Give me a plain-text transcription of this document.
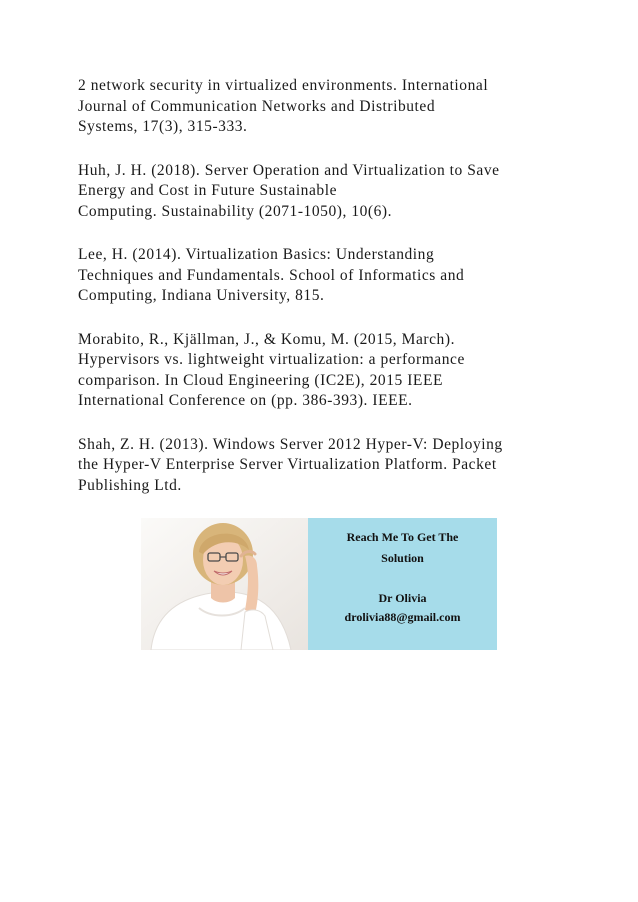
2 network security in virtualized environments. International
Journal of Communication Networks and Distributed
Systems, 17(3), 315-333.

Huh, J. H. (2018). Server Operation and Virtualization to Save
Energy and Cost in Future Sustainable
Computing. Sustainability (2071-1050), 10(6).

Lee, H. (2014). Virtualization Basics: Understanding
Techniques and Fundamentals. School of Informatics and
Computing, Indiana University, 815.

Morabito, R., Kjällman, J., & Komu, M. (2015, March).
Hypervisors vs. lightweight virtualization: a performance
comparison. In Cloud Engineering (IC2E), 2015 IEEE
International Conference on (pp. 386-393). IEEE.

Shah, Z. H. (2013). Windows Server 2012 Hyper-V: Deploying
the Hyper-V Enterprise Server Virtualization Platform. Packet
Publishing Ltd.

Reach Me To Get The
Solution
Dr Olivia
drolivia88@gmail.com
